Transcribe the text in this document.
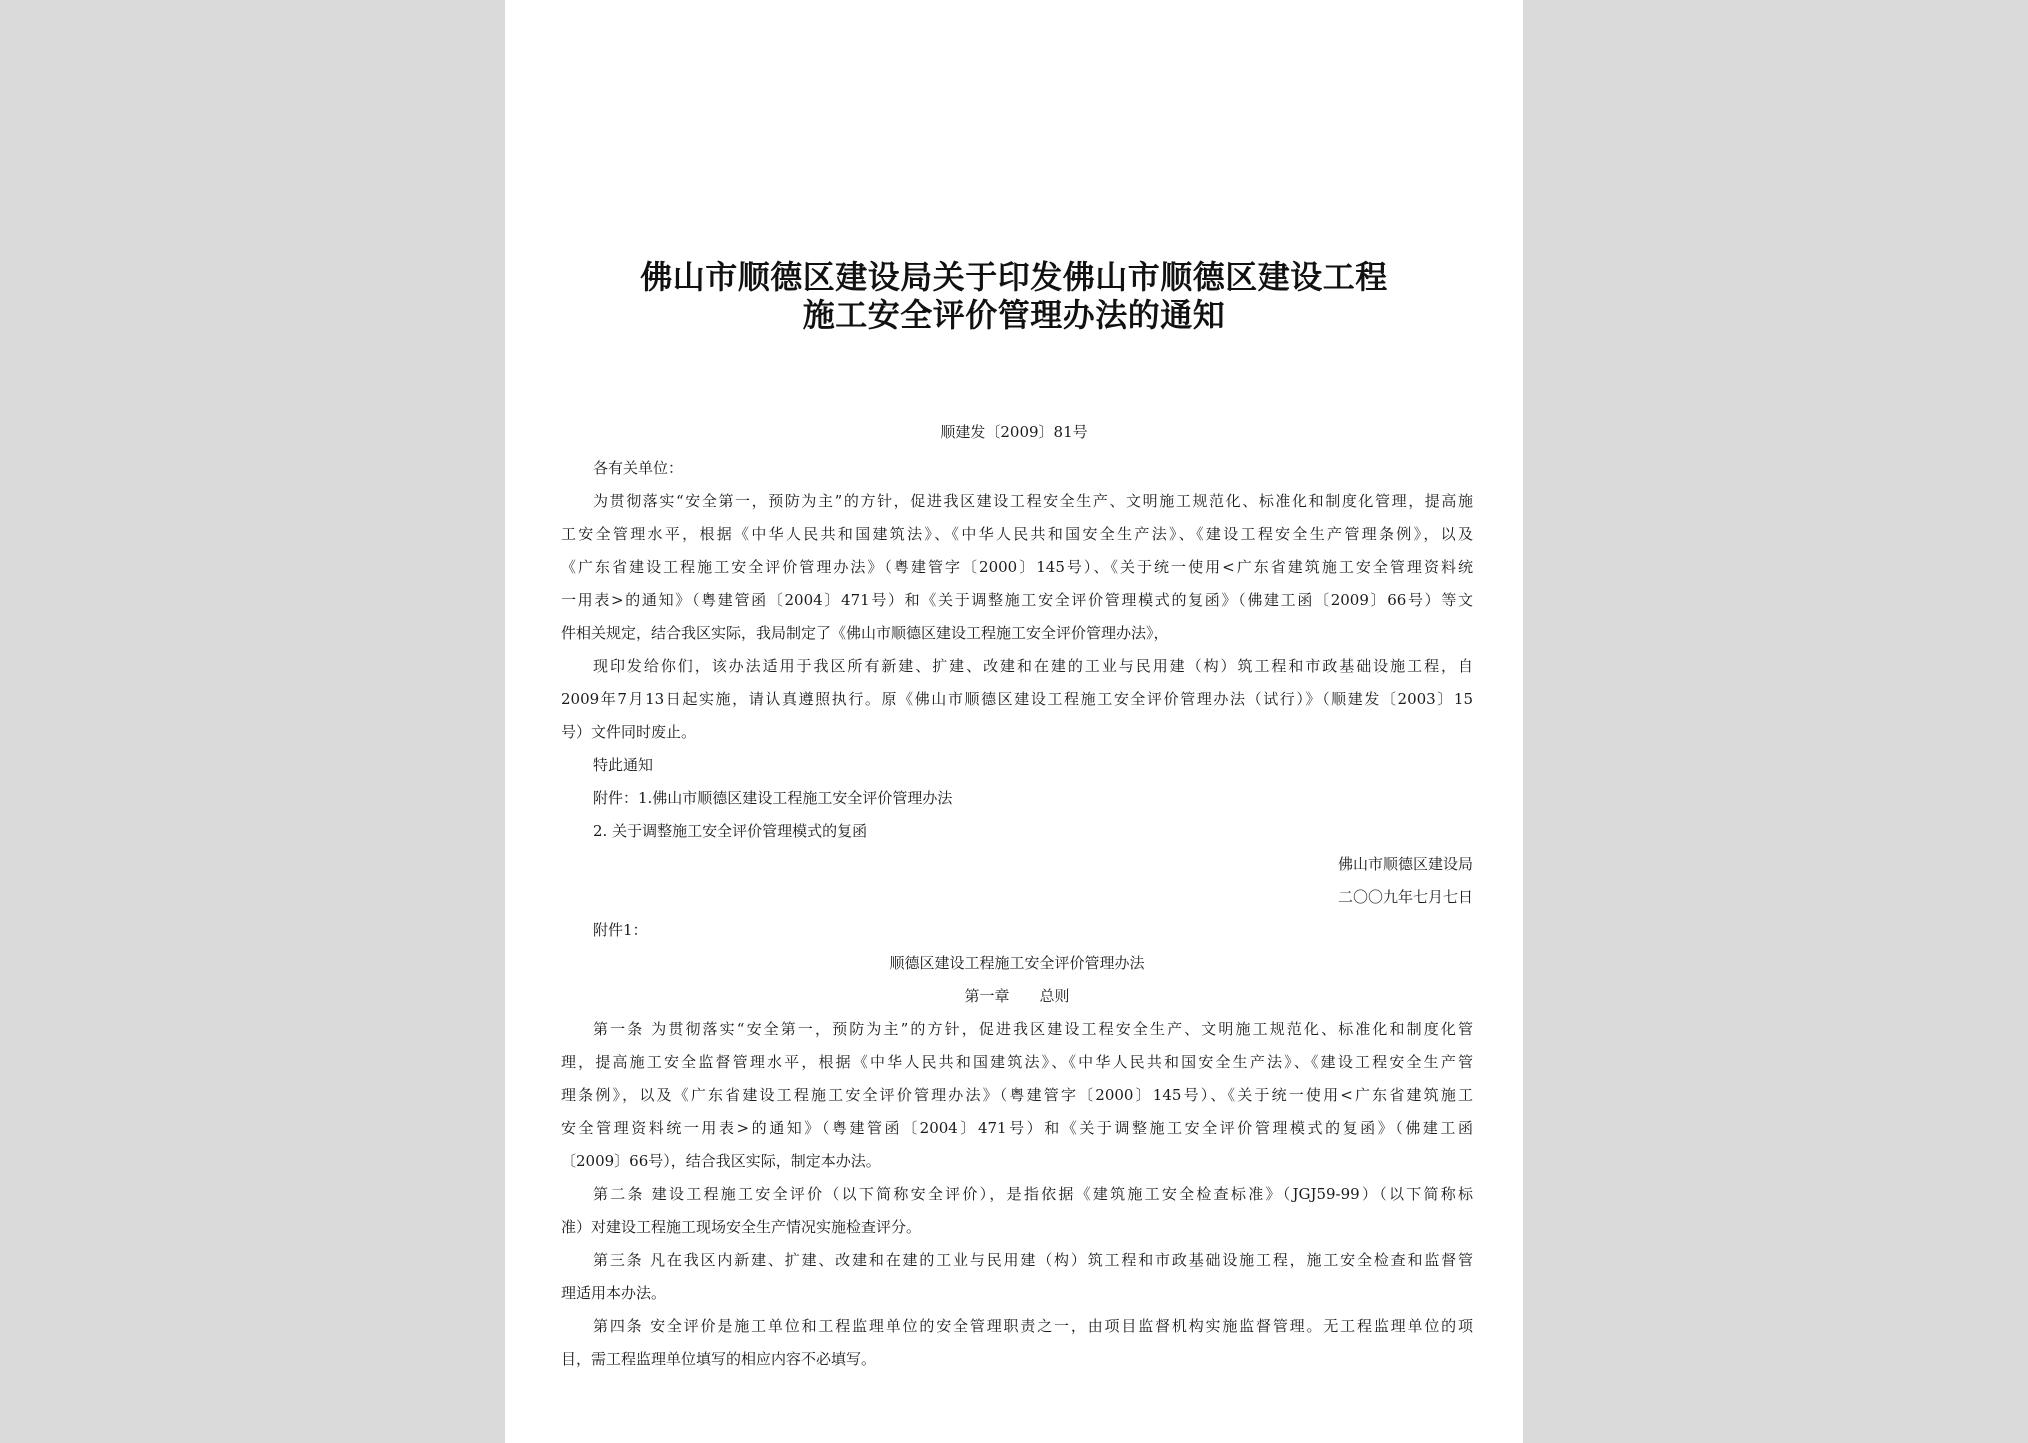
佛山市顺德区建设局关于印发佛山市顺德区建设工程
施工安全评价管理办法的通知
顺建发〔2009〕81号
各有关单位：
为贯彻落实“安全第一，预防为主”的方针，促进我区建设工程安全生产、文明施工规范化、标准化和制度化管理，提高施
工安全管理水平，根据《中华人民共和国建筑法》、《中华人民共和国安全生产法》、《建设工程安全生产管理条例》，以及
《广东省建设工程施工安全评价管理办法》（粤建管字〔2000〕145号）、《关于统一使用<广东省建筑施工安全管理资料统
一用表>的通知》（粤建管函〔2004〕471号）和《关于调整施工安全评价管理模式的复函》（佛建工函〔2009〕66号）等文
件相关规定，结合我区实际，我局制定了《佛山市顺德区建设工程施工安全评价管理办法》，
现印发给你们，该办法适用于我区所有新建、扩建、改建和在建的工业与民用建（构）筑工程和市政基础设施工程，自
2009年7月13日起实施，请认真遵照执行。原《佛山市顺德区建设工程施工安全评价管理办法（试行）》（顺建发〔2003〕15
号）文件同时废止。
特此通知
附件：1.佛山市顺德区建设工程施工安全评价管理办法
2. 关于调整施工安全评价管理模式的复函
佛山市顺德区建设局
二〇〇九年七月七日
附件1：
顺德区建设工程施工安全评价管理办法
第一章　　总则
第一条 为贯彻落实“安全第一，预防为主”的方针，促进我区建设工程安全生产、文明施工规范化、标准化和制度化管
理，提高施工安全监督管理水平，根据《中华人民共和国建筑法》、《中华人民共和国安全生产法》、《建设工程安全生产管
理条例》，以及《广东省建设工程施工安全评价管理办法》（粤建管字〔2000〕145号）、《关于统一使用<广东省建筑施工
安全管理资料统一用表>的通知》（粤建管函〔2004〕471号）和《关于调整施工安全评价管理模式的复函》（佛建工函
〔2009〕66号），结合我区实际，制定本办法。
第二条 建设工程施工安全评价（以下简称安全评价），是指依据《建筑施工安全检查标准》（JGJ59-99）（以下简称标
准）对建设工程施工现场安全生产情况实施检查评分。
第三条 凡在我区内新建、扩建、改建和在建的工业与民用建（构）筑工程和市政基础设施工程，施工安全检查和监督管
理适用本办法。
第四条 安全评价是施工单位和工程监理单位的安全管理职责之一，由项目监督机构实施监督管理。无工程监理单位的项
目，需工程监理单位填写的相应内容不必填写。
